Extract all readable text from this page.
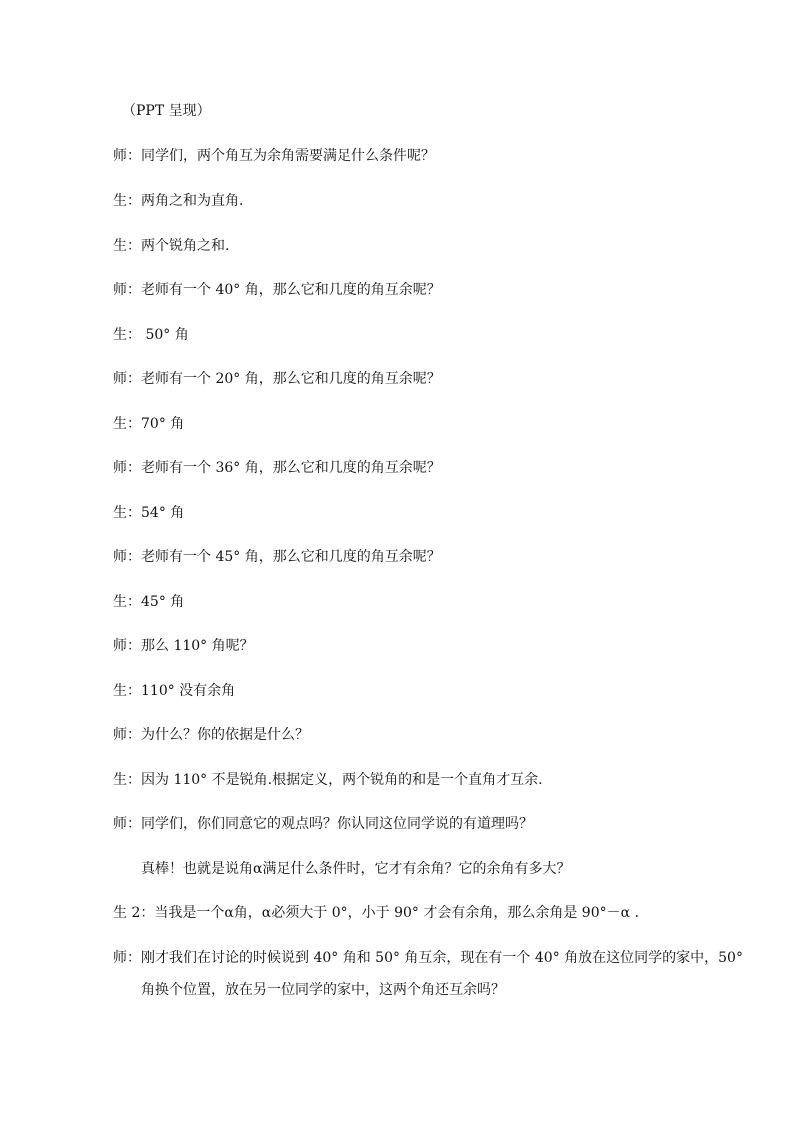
（PPT 呈现）
师：同学们，两个角互为余角需要满足什么条件呢？
生：两角之和为直角.
生：两个锐角之和.
师：老师有一个 40° 角，那么它和几度的角互余呢？
生： 50° 角
师：老师有一个 20° 角，那么它和几度的角互余呢？
生：70° 角
师：老师有一个 36° 角，那么它和几度的角互余呢？
生：54° 角
师：老师有一个 45° 角，那么它和几度的角互余呢？
生：45° 角
师：那么 110° 角呢？
生：110° 没有余角
师：为什么？你的依据是什么？
生：因为 110° 不是锐角.根据定义，两个锐角的和是一个直角才互余.
师：同学们，你们同意它的观点吗？你认同这位同学说的有道理吗？
真棒！也就是说角α满足什么条件时，它才有余角？它的余角有多大？
生 2：当我是一个α角，α必须大于 0°，小于 90° 才会有余角，那么余角是 90°－α .
师：刚才我们在讨论的时候说到 40° 角和 50° 角互余，现在有一个 40° 角放在这位同学的家中，50°
角换个位置，放在另一位同学的家中，这两个角还互余吗？
